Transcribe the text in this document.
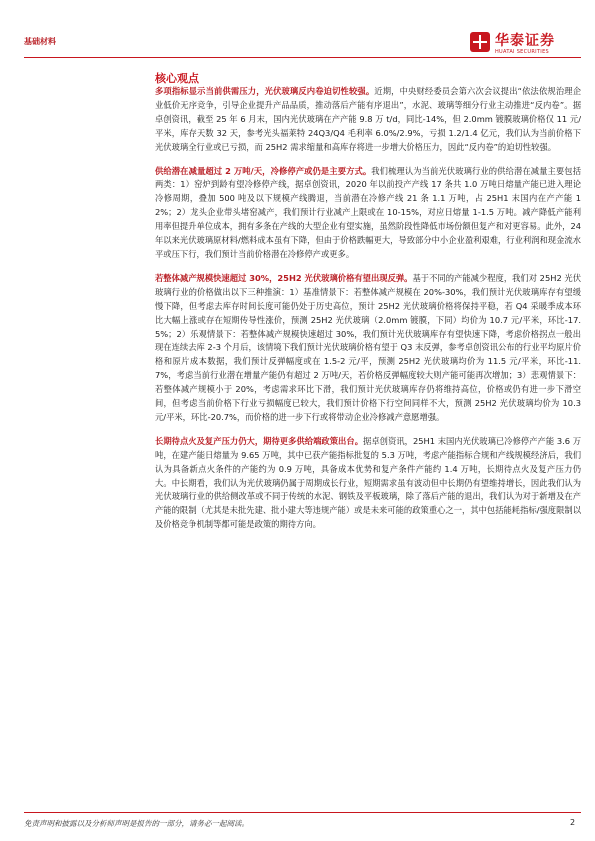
基础材料	华泰证券
HUATAI SECURITIES
核心观点

多项指标显示当前供需压力，光伏玻璃反内卷迫切性较强。近期，中央财经委员会第六次会议提出“依法依规治理企业低价无序竞争，引导企业提升产品品质，推动落后产能有序退出”，水泥、玻璃等细分行业主动推进“反内卷”。据卓创资讯，截至 25 年 6 月末，国内光伏玻璃在产产能 9.8 万 t/d，同比-14%，但 2.0mm 镀膜玻璃价格仅 11 元/平米，库存天数 32 天，参考光头福莱特 24Q3/Q4 毛利率 6.0%/2.9%，亏损 1.2/1.4 亿元，我们认为当前价格下光伏玻璃全行业或已亏损，而 25H2 需求缩量和高库存将进一步增大价格压力，因此“反内卷”的迫切性较强。

供给潜在减量超过 2 万吨/天，冷修停产或仍是主要方式。我们梳理认为当前光伏玻璃行业的供给潜在减量主要包括两类：1）窑炉到龄有望冷修停产线，据卓创资讯，2020 年以前投产产线 17 条共 1.0 万吨日熔量产能已进入理论冷修周期，叠加 500 吨及以下规模产线腾退，当前潜在冷修产线 21 条 1.1 万吨，占 25H1 末国内在产产能 12%；2）龙头企业带头堵窑减产，我们预计行业减产上限或在 10-15%，对应日熔量 1-1.5 万吨。减产降低产能利用率但提升单位成本，拥有多条在产线的大型企业有望实施，虽然阶段性降低市场份额但复产和对更容易。此外，24 年以来光伏玻璃原材料/燃料成本虽有下降，但由于价格跌幅更大，导致部分中小企业盈利艰难，行业利润和现金流水平或压下行，我们预计当前价格潜在冷修停产或更多。

若整体减产规模快速超过 30%，25H2 光伏玻璃价格有望出现反弹。基于不同的产能减少程度，我们对 25H2 光伏玻璃行业的价格做出以下三种推演：1）基准情景下：若整体减产规模在 20%-30%，我们预计光伏玻璃库存有望缓慢下降，但考虑去库存时间长度可能仍处于历史高位，预计 25H2 光伏玻璃价格将保持平稳，若 Q4 采暖季成本环比大幅上涨或存在短期传导性涨价，预测 25H2 光伏玻璃（2.0mm 镀膜，下同）均价为 10.7 元/平米，环比-17.5%；2）乐观情景下：若整体减产规模快速超过 30%，我们预计光伏玻璃库存有望快速下降，考虑价格拐点一般出现在连续去库 2-3 个月后，该情境下我们预计光伏玻璃价格有望于 Q3 末反弹，参考卓创资讯公布的行业平均原片价格和原片成本数据，我们预计反弹幅度或在 1.5-2 元/平，预测 25H2 光伏玻璃均价为 11.5 元/平米，环比-11.7%，考虑当前行业潜在增量产能仍有超过 2 万吨/天，若价格反弹幅度较大则产能可能再次增加；3）悲观情景下：若整体减产规模小于 20%，考虑需求环比下滑，我们预计光伏玻璃库存仍将维持高位，价格或仍有进一步下滑空间，但考虑当前价格下行业亏损幅度已较大，我们预计价格下行空间同样不大，预测 25H2 光伏玻璃均价为 10.3 元/平米，环比-20.7%，而价格的进一步下行或将带动企业冷修减产意愿增强。

长期待点火及复产压力仍大，期待更多供给端政策出台。据卓创资讯，25H1 末国内光伏玻璃已冷修停产产能 3.6 万吨，在建产能日熔量为 9.65 万吨，其中已获产能指标批复的 5.3 万吨，考虑产能指标合规和产线规模经济后，我们认为具备新点火条件的产能约为 0.9 万吨，具备成本优势和复产条件产能约 1.4 万吨，长期待点火及复产压力仍大。中长期看，我们认为光伏玻璃仍属于周期成长行业，短期需求虽有波动但中长期仍有望维持增长，因此我们认为光伏玻璃行业的供给侧改革或不同于传统的水泥、钢铁及平板玻璃，除了落后产能的退出，我们认为对于新增及在产产能的限制（尤其是未批先建、批小建大等违规产能）或是未来可能的政策重心之一，其中包括能耗指标/强度限制以及价格竞争机制等都可能是政策的期待方向。

免责声明和披露以及分析师声明是报告的一部分，请务必一起阅读。	2
